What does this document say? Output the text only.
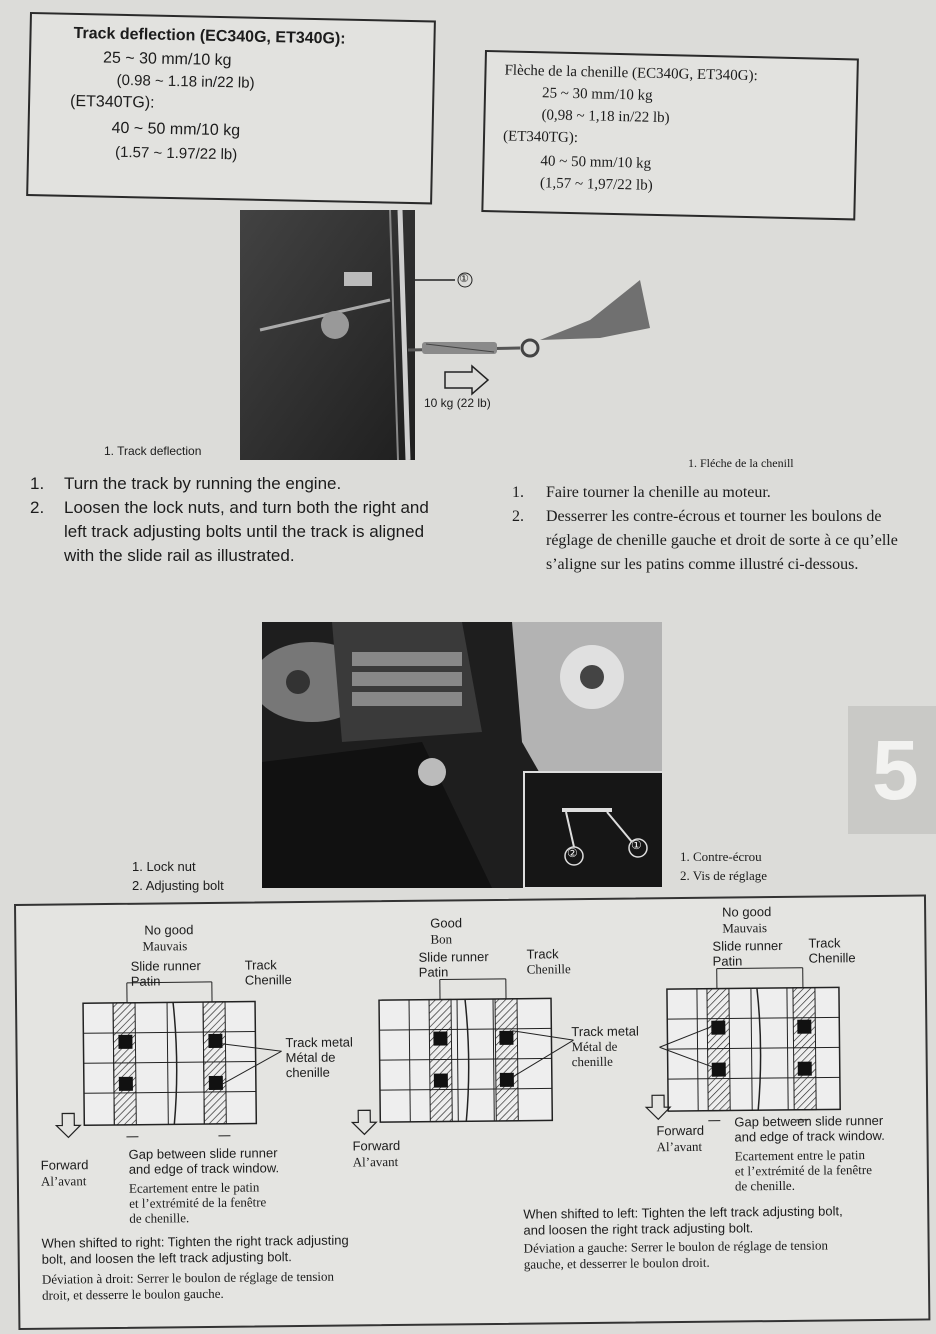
Track deflection (EC340G, ET340G):
25 ~ 30 mm/10 kg
(0.98 ~ 1.18 in/22 lb)
(ET340TG):
40 ~ 50 mm/10 kg
(1.57 ~ 1.97/22 lb)
Flèche de la chenille (EC340G, ET340G):
25 ~ 30 mm/10 kg
(0,98 ~ 1,18 in/22 lb)
(ET340TG):
40 ~ 50 mm/10 kg
(1,57 ~ 1,97/22 lb)
①
10 kg (22 lb)
1. Track deflection
1. Fléche de la chenill
1. Turn the track by running the engine.
2. Loosen the lock nuts, and turn both the right and left track adjusting bolts until the track is aligned with the slide rail as illustrated.
1. Faire tourner la chenille au moteur.
2. Desserrer les contre-écrous et tourner les boulons de réglage de chenille gauche et droit de sorte à ce qu’elle s’aligne sur les patins comme illustré ci-dessous.
②
①
1. Lock nut
2. Adjusting bolt
1. Contre-écrou
2. Vis de réglage
5
No good
Mauvais
Slide runner
Patin
Track
Chenille
Track metal
Métal de
chenille
Forward
Al’avant
Gap between slide runner
and edge of track window.
Ecartement entre le patin
et l’extrémité de la fenêtre
de chenille.
When shifted to right: Tighten the right track adjusting
bolt, and loosen the left track adjusting bolt.
Déviation à droit: Serrer le boulon de réglage de tension
droit, et desserre le boulon gauche.
Good
Bon
Slide runner
Patin
Track
Chenille
Track metal
Métal de
chenille
Forward
Al’avant
No good
Mauvais
Slide runner
Patin
Track
Chenille
Forward
Al’avant
Gap between slide runner
and edge of track window.
Ecartement entre le patin
et l’extrémité de la fenêtre
de chenille.
When shifted to left: Tighten the left track adjusting bolt,
and loosen the right track adjusting bolt.
Déviation a gauche: Serrer le boulon de réglage de tension
gauche, et desserrer le boulon droit.
